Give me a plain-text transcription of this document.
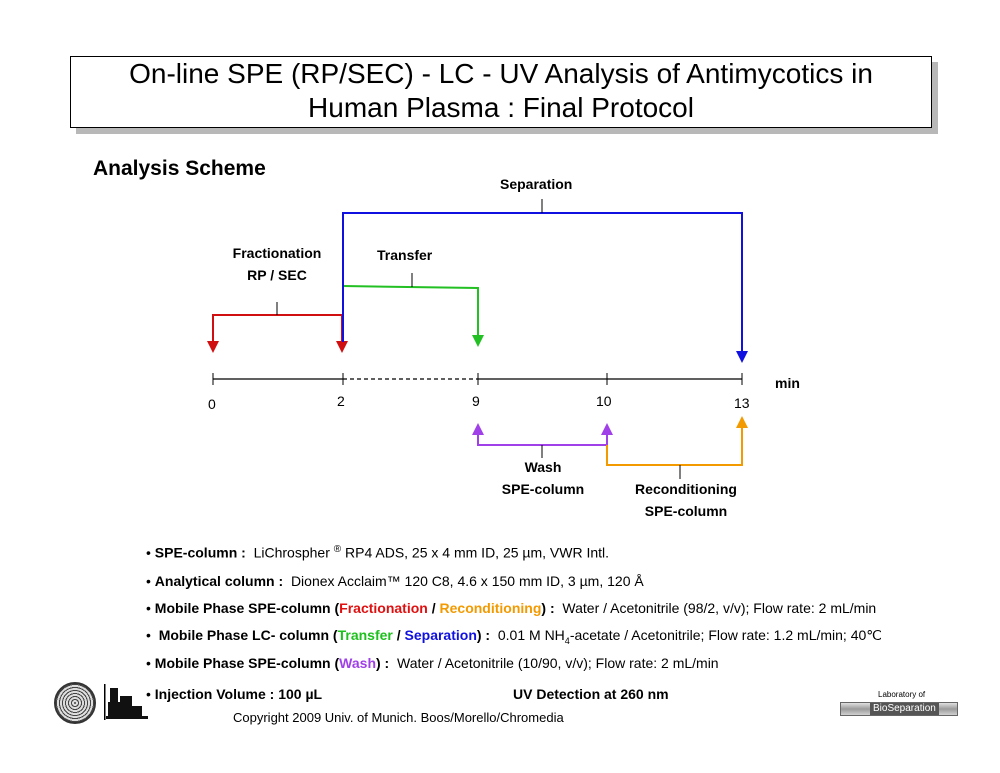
On-line SPE (RP/SEC) - LC - UV Analysis of Antimycotics in
Human Plasma : Final Protocol
Analysis Scheme
Separation
Fractionation
RP / SEC
Transfer
Wash
SPE-column	Reconditioning
SPE-column
min
0	2	9	10	13
• SPE-column : LiChrospher ® RP4 ADS, 25 x 4 mm ID, 25 µm, VWR Intl.
• Analytical column : Dionex Acclaim™ 120 C8, 4.6 x 150 mm ID, 3 µm, 120 Å
• Mobile Phase SPE-column (Fractionation / Reconditioning) : Water / Acetonitrile (98/2, v/v); Flow rate: 2 mL/min
•  Mobile Phase LC- column (Transfer / Separation) : 0.01 M $NH_4$-acetate / Acetonitrile; Flow rate: 1.2 mL/min; 40℃
• Mobile Phase SPE-column (Wash) : Water / Acetonitrile (10/90, v/v); Flow rate: 2 mL/min
• Injection Volume : 100 µL	UV Detection at 260 nm
Copyright 2009 Univ. of Munich. Boos/Morello/Chromedia
Laboratory of
BioSeparation
